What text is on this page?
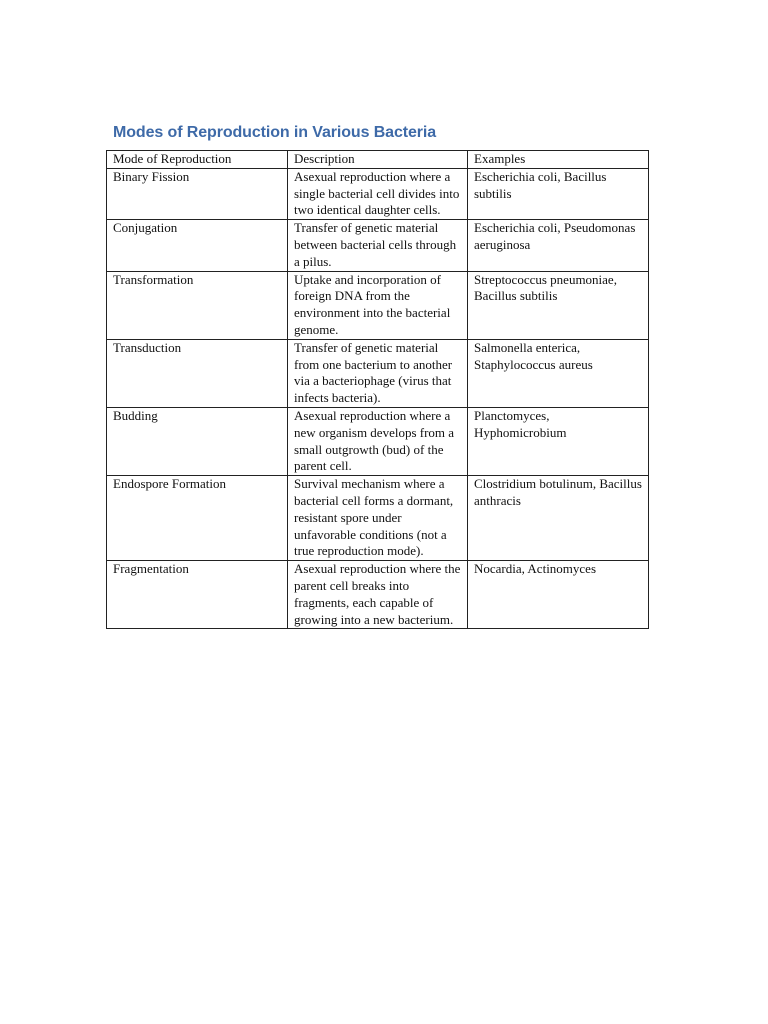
Modes of Reproduction in Various Bacteria
Mode of Reproduction	Description	Examples
Binary Fission	Asexual reproduction where a single bacterial cell divides into two identical daughter cells.	Escherichia coli, Bacillus subtilis
Conjugation	Transfer of genetic material between bacterial cells through a pilus.	Escherichia coli, Pseudomonas aeruginosa
Transformation	Uptake and incorporation of foreign DNA from the environment into the bacterial genome.	Streptococcus pneumoniae, Bacillus subtilis
Transduction	Transfer of genetic material from one bacterium to another via a bacteriophage (virus that infects bacteria).	Salmonella enterica, Staphylococcus aureus
Budding	Asexual reproduction where a new organism develops from a small outgrowth (bud) of the parent cell.	Planctomyces, Hyphomicrobium
Endospore Formation	Survival mechanism where a bacterial cell forms a dormant, resistant spore under unfavorable conditions (not a true reproduction mode).	Clostridium botulinum, Bacillus anthracis
Fragmentation	Asexual reproduction where the parent cell breaks into fragments, each capable of growing into a new bacterium.	Nocardia, Actinomyces
